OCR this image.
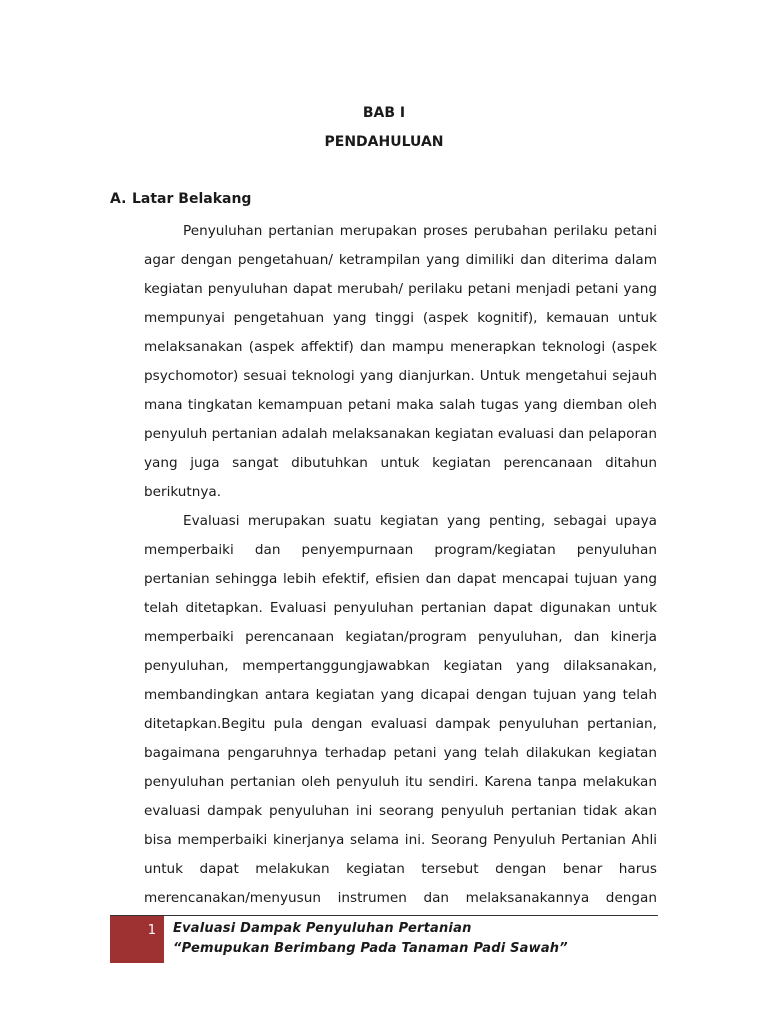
BAB I
PENDAHULUAN
A. Latar Belakang
Penyuluhan pertanian merupakan proses perubahan perilaku petani
agar dengan pengetahuan/ ketrampilan yang dimiliki dan diterima dalam
kegiatan penyuluhan dapat merubah/ perilaku petani menjadi petani yang
mempunyai pengetahuan yang tinggi (aspek kognitif), kemauan untuk
melaksanakan (aspek affektif) dan mampu menerapkan teknologi (aspek
psychomotor) sesuai teknologi yang dianjurkan. Untuk mengetahui sejauh
mana tingkatan kemampuan petani maka salah tugas yang diemban oleh
penyuluh pertanian adalah melaksanakan kegiatan evaluasi dan pelaporan
yang juga sangat dibutuhkan untuk kegiatan perencanaan ditahun
berikutnya.
Evaluasi merupakan suatu kegiatan yang penting, sebagai upaya
memperbaiki dan penyempurnaan program/kegiatan penyuluhan
pertanian sehingga lebih efektif, efisien dan dapat mencapai tujuan yang
telah ditetapkan. Evaluasi penyuluhan pertanian dapat digunakan untuk
memperbaiki perencanaan kegiatan/program penyuluhan, dan kinerja
penyuluhan, mempertanggungjawabkan kegiatan yang dilaksanakan,
membandingkan antara kegiatan yang dicapai dengan tujuan yang telah
ditetapkan.Begitu pula dengan evaluasi dampak penyuluhan pertanian,
bagaimana pengaruhnya terhadap petani yang telah dilakukan kegiatan
penyuluhan pertanian oleh penyuluh itu sendiri. Karena tanpa melakukan
evaluasi dampak penyuluhan ini seorang penyuluh pertanian tidak akan
bisa memperbaiki kinerjanya selama ini. Seorang Penyuluh Pertanian Ahli
untuk dapat melakukan kegiatan tersebut dengan benar harus
merencanakan/menyusun instrumen dan melaksanakannya dengan
1 Evaluasi Dampak Penyuluhan Pertanian
“Pemupukan Berimbang Pada Tanaman Padi Sawah”
